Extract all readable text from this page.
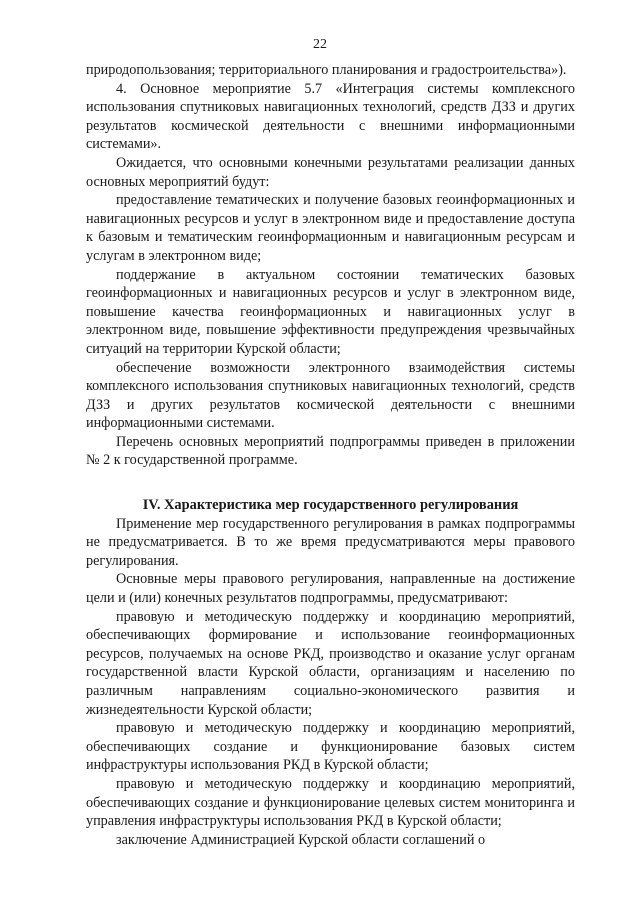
22

природопользования; территориального планирования и градостроительства»).

4. Основное мероприятие 5.7 «Интеграция системы комплексного использования спутниковых навигационных технологий, средств ДЗЗ и других результатов космической деятельности с внешними информационными системами».

Ожидается, что основными конечными результатами реализации данных основных мероприятий будут:

предоставление тематических и получение базовых геоинформационных и навигационных ресурсов и услуг в электронном виде и предоставление доступа к базовым и тематическим геоинформационным и навигационным ресурсам и услугам в электронном виде;

поддержание в актуальном состоянии тематических базовых геоинформационных и навигационных ресурсов и услуг в электронном виде, повышение качества геоинформационных и навигационных услуг в электронном виде, повышение эффективности предупреждения чрезвычайных ситуаций на территории Курской области;

обеспечение возможности электронного взаимодействия системы комплексного использования спутниковых навигационных технологий, средств ДЗЗ и других результатов космической деятельности с внешними информационными системами.

Перечень основных мероприятий подпрограммы приведен в приложении № 2 к государственной программе.

IV. Характеристика мер государственного регулирования

Применение мер государственного регулирования в рамках подпрограммы не предусматривается. В то же время предусматриваются меры правового регулирования.

Основные меры правового регулирования, направленные на достижение цели и (или) конечных результатов подпрограммы, предусматривают:

правовую и методическую поддержку и координацию мероприятий, обеспечивающих формирование и использование геоинформационных ресурсов, получаемых на основе РКД, производство и оказание услуг органам государственной власти Курской области, организациям и населению по различным направлениям социально-экономического развития и жизнедеятельности Курской области;

правовую и методическую поддержку и координацию мероприятий, обеспечивающих создание и функционирование базовых систем инфраструктуры использования РКД в Курской области;

правовую и методическую поддержку и координацию мероприятий, обеспечивающих создание и функционирование целевых систем мониторинга и управления инфраструктуры использования РКД в Курской области;

заключение Администрацией Курской области соглашений о
